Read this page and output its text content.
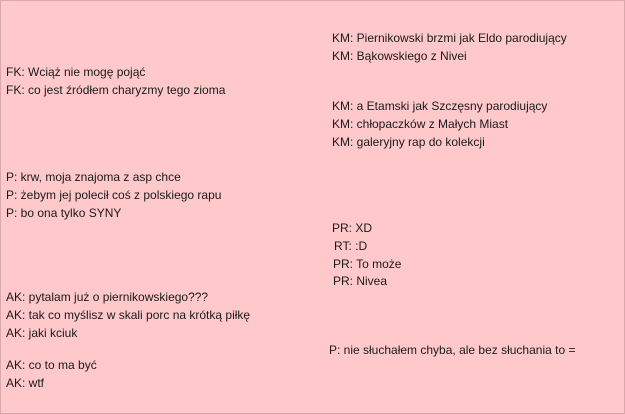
FK: Wciąż nie mogę pojąć
FK: co jest źródłem charyzmy tego zioma
P: krw, moja znajoma z asp chce
P: żebym jej polecił coś z polskiego rapu
P: bo ona tylko SYNY
AK: pytalam już o piernikowskiego???
AK: tak co myślisz w skali porc na krótką piłkę
AK: jaki kciuk
AK: co to ma być
AK: wtf
KM: Piernikowski brzmi jak Eldo parodiujący
KM: Bąkowskiego z Nivei
KM: a Etamski jak Szczęsny parodiujący
KM: chłopaczków z Małych Miast
KM: galeryjny rap do kolekcji
PR: XD
RT: :D
PR: To może
PR: Nivea
P: nie słuchałem chyba, ale bez słuchania to =
